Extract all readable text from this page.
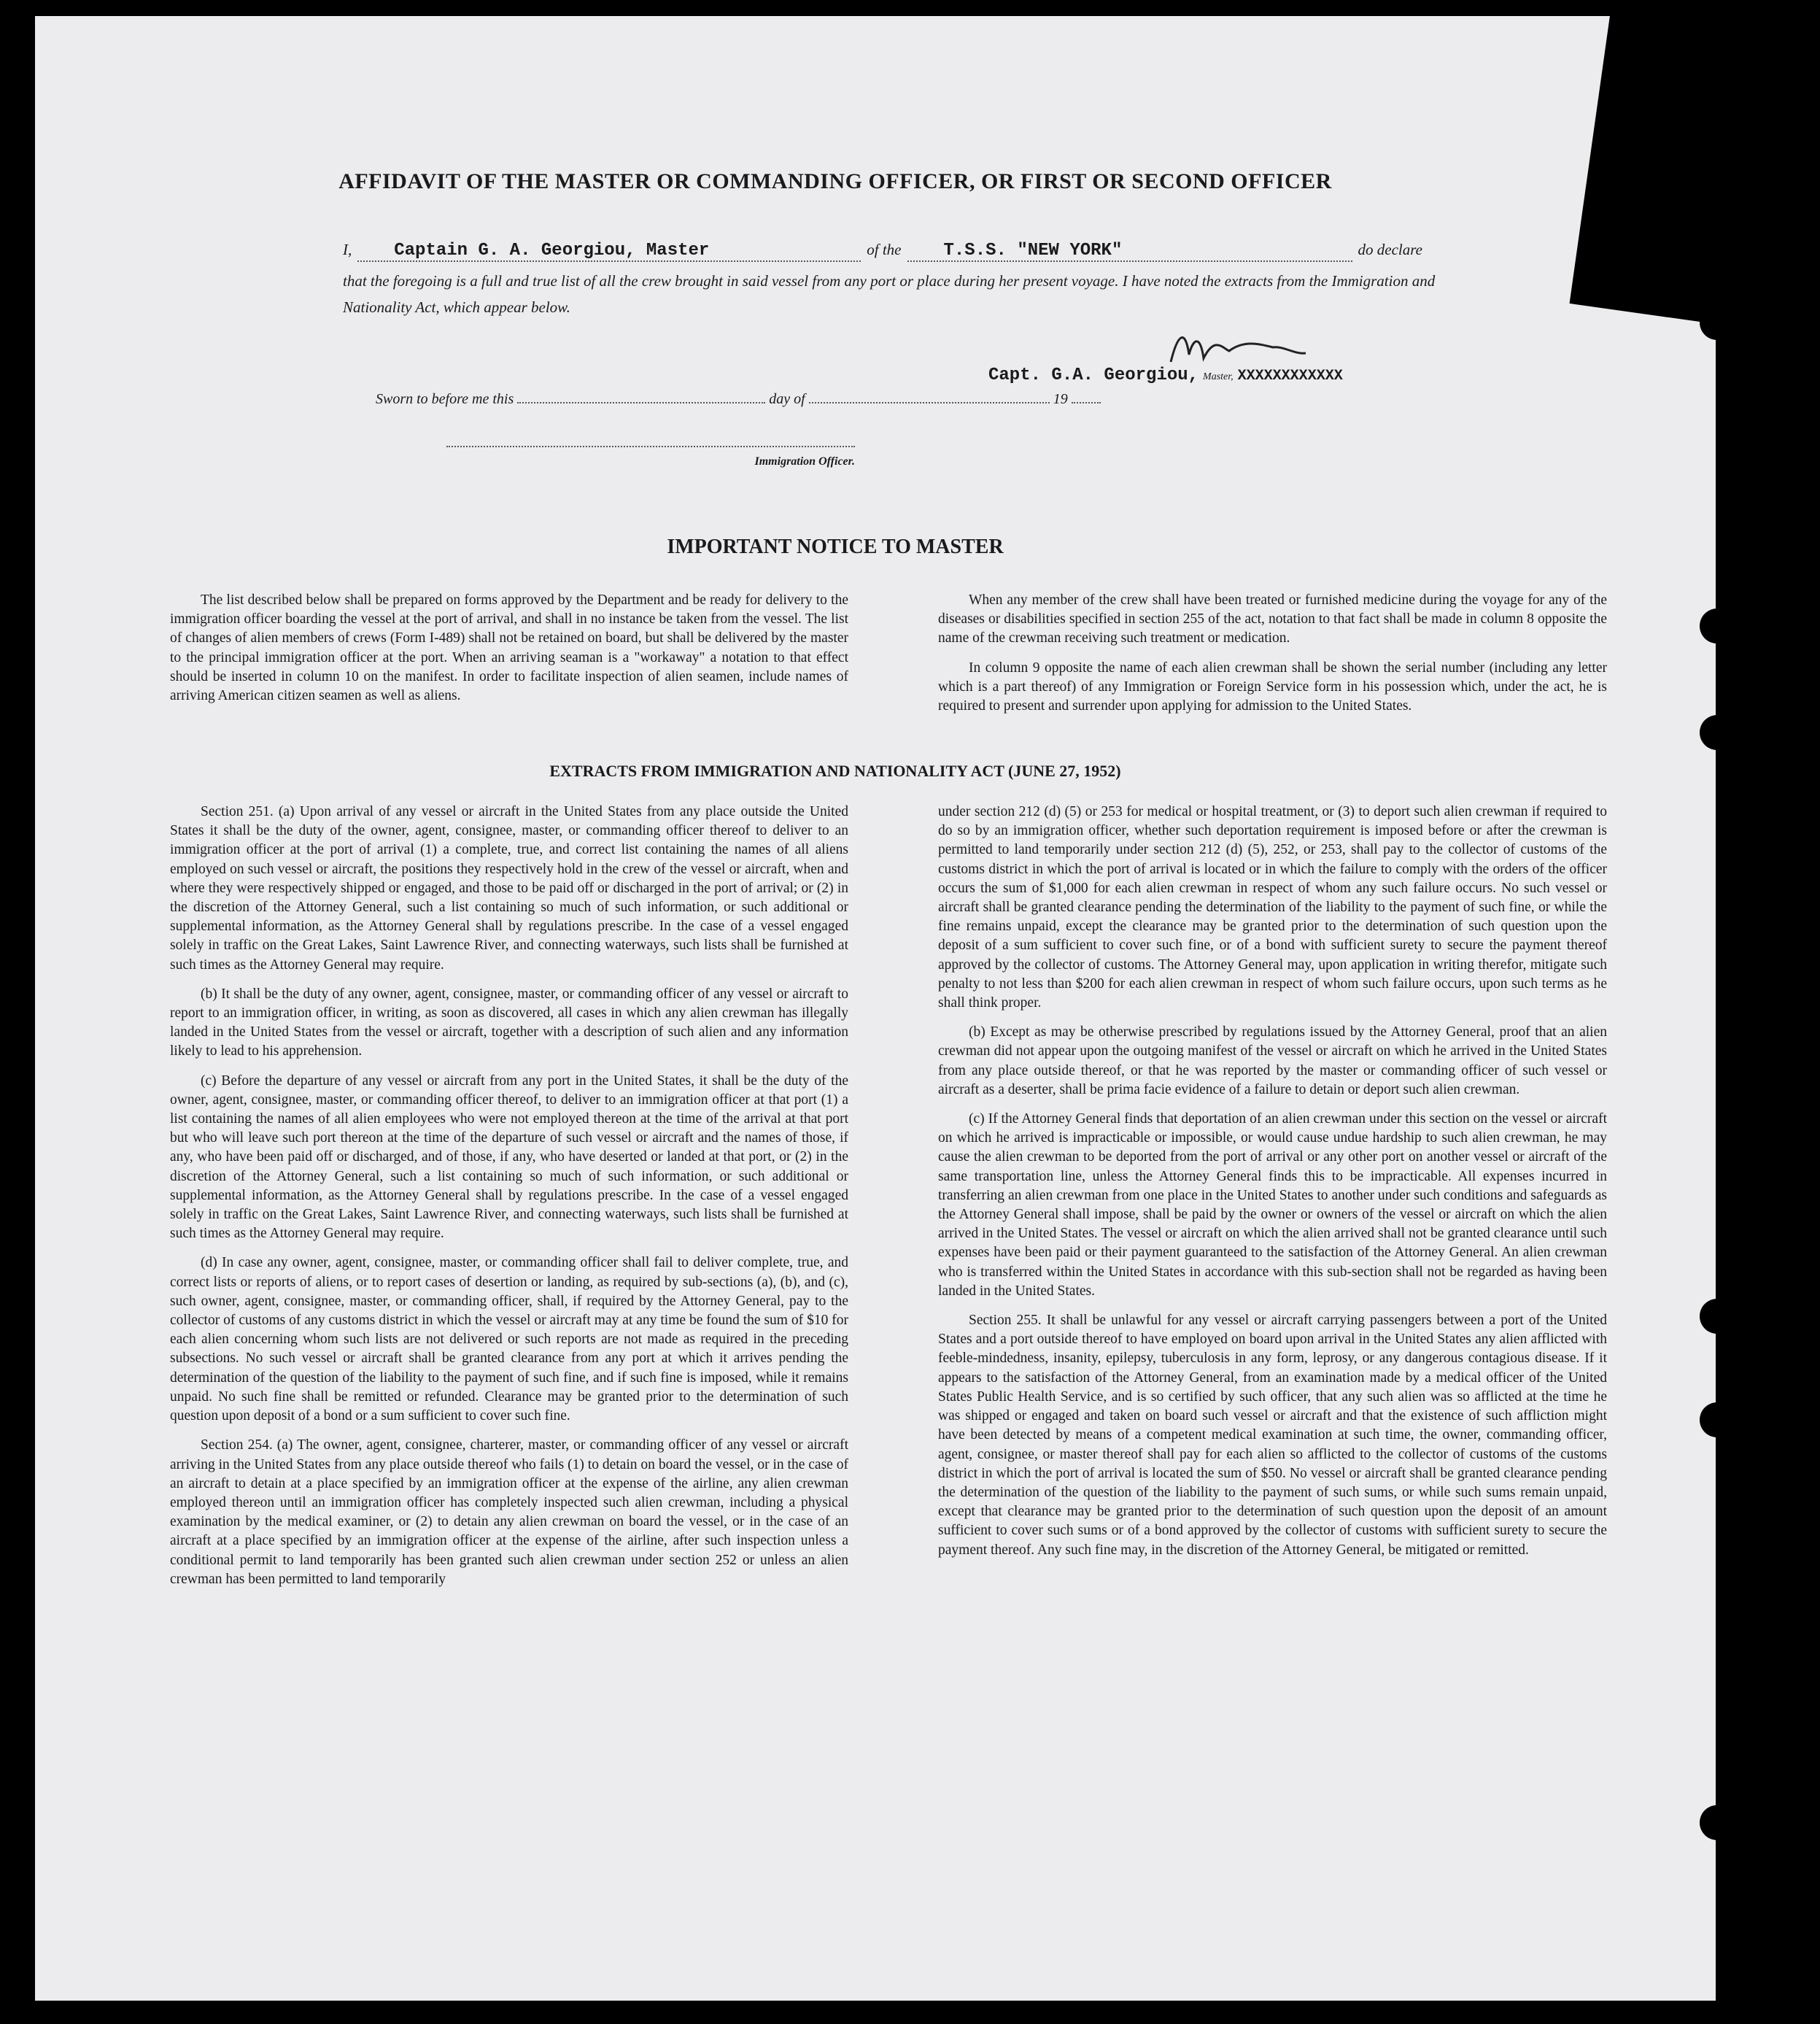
AFFIDAVIT OF THE MASTER OR COMMANDING OFFICER, OR FIRST OR SECOND OFFICER
I,	Captain G. A. Georgiou, Master	of the	T.S.S. "NEW YORK"	do declare
that the foregoing is a full and true list of all the crew brought in said vessel from any port or place during her present voyage. I have noted the extracts from the Immigration and Nationality Act, which appear below.
Capt. G.A. Georgiou, Master, XXXXXXXXXXXX
Sworn to before me this	day of	19
Immigration Officer.
IMPORTANT NOTICE TO MASTER

The list described below shall be prepared on forms approved by the Department and be ready for delivery to the immigration officer boarding the vessel at the port of arrival, and shall in no instance be taken from the vessel. The list of changes of alien members of crews (Form I-489) shall not be retained on board, but shall be delivered by the master to the principal immigration officer at the port. When an arriving seaman is a "workaway" a notation to that effect should be inserted in column 10 on the manifest. In order to facilitate inspection of alien seamen, include names of arriving American citizen seamen as well as aliens.

When any member of the crew shall have been treated or furnished medicine during the voyage for any of the diseases or disabilities specified in section 255 of the act, notation to that fact shall be made in column 8 opposite the name of the crewman receiving such treatment or medication.

In column 9 opposite the name of each alien crewman shall be shown the serial number (including any letter which is a part thereof) of any Immigration or Foreign Service form in his possession which, under the act, he is required to present and surrender upon applying for admission to the United States.

EXTRACTS FROM IMMIGRATION AND NATIONALITY ACT (JUNE 27, 1952)

Section 251. (a) Upon arrival of any vessel or aircraft in the United States from any place outside the United States it shall be the duty of the owner, agent, consignee, master, or commanding officer thereof to deliver to an immigration officer at the port of arrival (1) a complete, true, and correct list containing the names of all aliens employed on such vessel or aircraft, the positions they respectively hold in the crew of the vessel or aircraft, when and where they were respectively shipped or engaged, and those to be paid off or discharged in the port of arrival; or (2) in the discretion of the Attorney General, such a list containing so much of such information, or such additional or supplemental information, as the Attorney General shall by regulations prescribe. In the case of a vessel engaged solely in traffic on the Great Lakes, Saint Lawrence River, and connecting waterways, such lists shall be furnished at such times as the Attorney General may require.

(b) It shall be the duty of any owner, agent, consignee, master, or commanding officer of any vessel or aircraft to report to an immigration officer, in writing, as soon as discovered, all cases in which any alien crewman has illegally landed in the United States from the vessel or aircraft, together with a description of such alien and any information likely to lead to his apprehension.

(c) Before the departure of any vessel or aircraft from any port in the United States, it shall be the duty of the owner, agent, consignee, master, or commanding officer thereof, to deliver to an immigration officer at that port (1) a list containing the names of all alien employees who were not employed thereon at the time of the arrival at that port but who will leave such port thereon at the time of the departure of such vessel or aircraft and the names of those, if any, who have been paid off or discharged, and of those, if any, who have deserted or landed at that port, or (2) in the discretion of the Attorney General, such a list containing so much of such information, or such additional or supplemental information, as the Attorney General shall by regulations prescribe. In the case of a vessel engaged solely in traffic on the Great Lakes, Saint Lawrence River, and connecting waterways, such lists shall be furnished at such times as the Attorney General may require.

(d) In case any owner, agent, consignee, master, or commanding officer shall fail to deliver complete, true, and correct lists or reports of aliens, or to report cases of desertion or landing, as required by sub-sections (a), (b), and (c), such owner, agent, consignee, master, or commanding officer, shall, if required by the Attorney General, pay to the collector of customs of any customs district in which the vessel or aircraft may at any time be found the sum of $10 for each alien concerning whom such lists are not delivered or such reports are not made as required in the preceding subsections. No such vessel or aircraft shall be granted clearance from any port at which it arrives pending the determination of the question of the liability to the payment of such fine, and if such fine is imposed, while it remains unpaid. No such fine shall be remitted or refunded. Clearance may be granted prior to the determination of such question upon deposit of a bond or a sum sufficient to cover such fine.

Section 254. (a) The owner, agent, consignee, charterer, master, or commanding officer of any vessel or aircraft arriving in the United States from any place outside thereof who fails (1) to detain on board the vessel, or in the case of an aircraft to detain at a place specified by an immigration officer at the expense of the airline, any alien crewman employed thereon until an immigration officer has completely inspected such alien crewman, including a physical examination by the medical examiner, or (2) to detain any alien crewman on board the vessel, or in the case of an aircraft at a place specified by an immigration officer at the expense of the airline, after such inspection unless a conditional permit to land temporarily has been granted such alien crewman under section 252 or unless an alien crewman has been permitted to land temporarily

under section 212 (d) (5) or 253 for medical or hospital treatment, or (3) to deport such alien crewman if required to do so by an immigration officer, whether such deportation requirement is imposed before or after the crewman is permitted to land temporarily under section 212 (d) (5), 252, or 253, shall pay to the collector of customs of the customs district in which the port of arrival is located or in which the failure to comply with the orders of the officer occurs the sum of $1,000 for each alien crewman in respect of whom any such failure occurs. No such vessel or aircraft shall be granted clearance pending the determination of the liability to the payment of such fine, or while the fine remains unpaid, except the clearance may be granted prior to the determination of such question upon the deposit of a sum sufficient to cover such fine, or of a bond with sufficient surety to secure the payment thereof approved by the collector of customs. The Attorney General may, upon application in writing therefor, mitigate such penalty to not less than $200 for each alien crewman in respect of whom such failure occurs, upon such terms as he shall think proper.

(b) Except as may be otherwise prescribed by regulations issued by the Attorney General, proof that an alien crewman did not appear upon the outgoing manifest of the vessel or aircraft on which he arrived in the United States from any place outside thereof, or that he was reported by the master or commanding officer of such vessel or aircraft as a deserter, shall be prima facie evidence of a failure to detain or deport such alien crewman.

(c) If the Attorney General finds that deportation of an alien crewman under this section on the vessel or aircraft on which he arrived is impracticable or impossible, or would cause undue hardship to such alien crewman, he may cause the alien crewman to be deported from the port of arrival or any other port on another vessel or aircraft of the same transportation line, unless the Attorney General finds this to be impracticable. All expenses incurred in transferring an alien crewman from one place in the United States to another under such conditions and safeguards as the Attorney General shall impose, shall be paid by the owner or owners of the vessel or aircraft on which the alien arrived in the United States. The vessel or aircraft on which the alien arrived shall not be granted clearance until such expenses have been paid or their payment guaranteed to the satisfaction of the Attorney General. An alien crewman who is transferred within the United States in accordance with this sub-section shall not be regarded as having been landed in the United States.

Section 255. It shall be unlawful for any vessel or aircraft carrying passengers between a port of the United States and a port outside thereof to have employed on board upon arrival in the United States any alien afflicted with feeble-mindedness, insanity, epilepsy, tuberculosis in any form, leprosy, or any dangerous contagious disease. If it appears to the satisfaction of the Attorney General, from an examination made by a medical officer of the United States Public Health Service, and is so certified by such officer, that any such alien was so afflicted at the time he was shipped or engaged and taken on board such vessel or aircraft and that the existence of such affliction might have been detected by means of a competent medical examination at such time, the owner, commanding officer, agent, consignee, or master thereof shall pay for each alien so afflicted to the collector of customs of the customs district in which the port of arrival is located the sum of $50. No vessel or aircraft shall be granted clearance pending the determination of the question of the liability to the payment of such sums, or while such sums remain unpaid, except that clearance may be granted prior to the determination of such question upon the deposit of an amount sufficient to cover such sums or of a bond approved by the collector of customs with sufficient surety to secure the payment thereof. Any such fine may, in the discretion of the Attorney General, be mitigated or remitted.
